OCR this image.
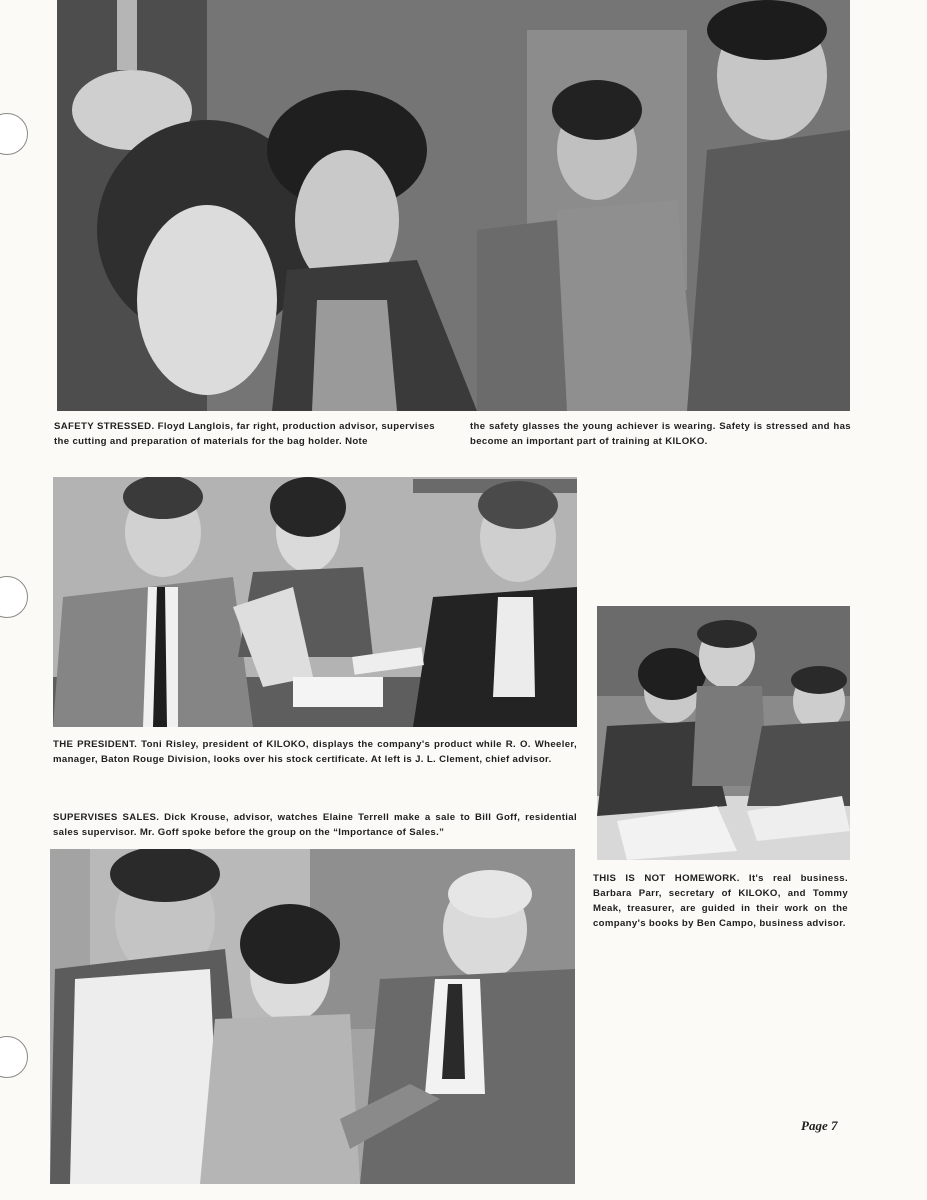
SAFETY STRESSED. Floyd Langlois, far right, production advisor, supervises the cutting and preparation of materials for the bag holder. Note

the safety glasses the young achiever is wearing. Safety is stressed and has become an important part of training at KILOKO.

THE PRESIDENT. Toni Risley, president of KILOKO, displays the company's product while R. O. Wheeler, manager, Baton Rouge Division, looks over his stock certificate. At left is J. L. Clement, chief advisor.

THIS IS NOT HOMEWORK. It's real business. Barbara Parr, secretary of KILOKO, and Tommy Meak, treasurer, are guided in their work on the company's books by Ben Campo, business advisor.

SUPERVISES SALES. Dick Krouse, advisor, watches Elaine Terrell make a sale to Bill Goff, residential sales supervisor. Mr. Goff spoke before the group on the “Importance of Sales.”

Page 7
